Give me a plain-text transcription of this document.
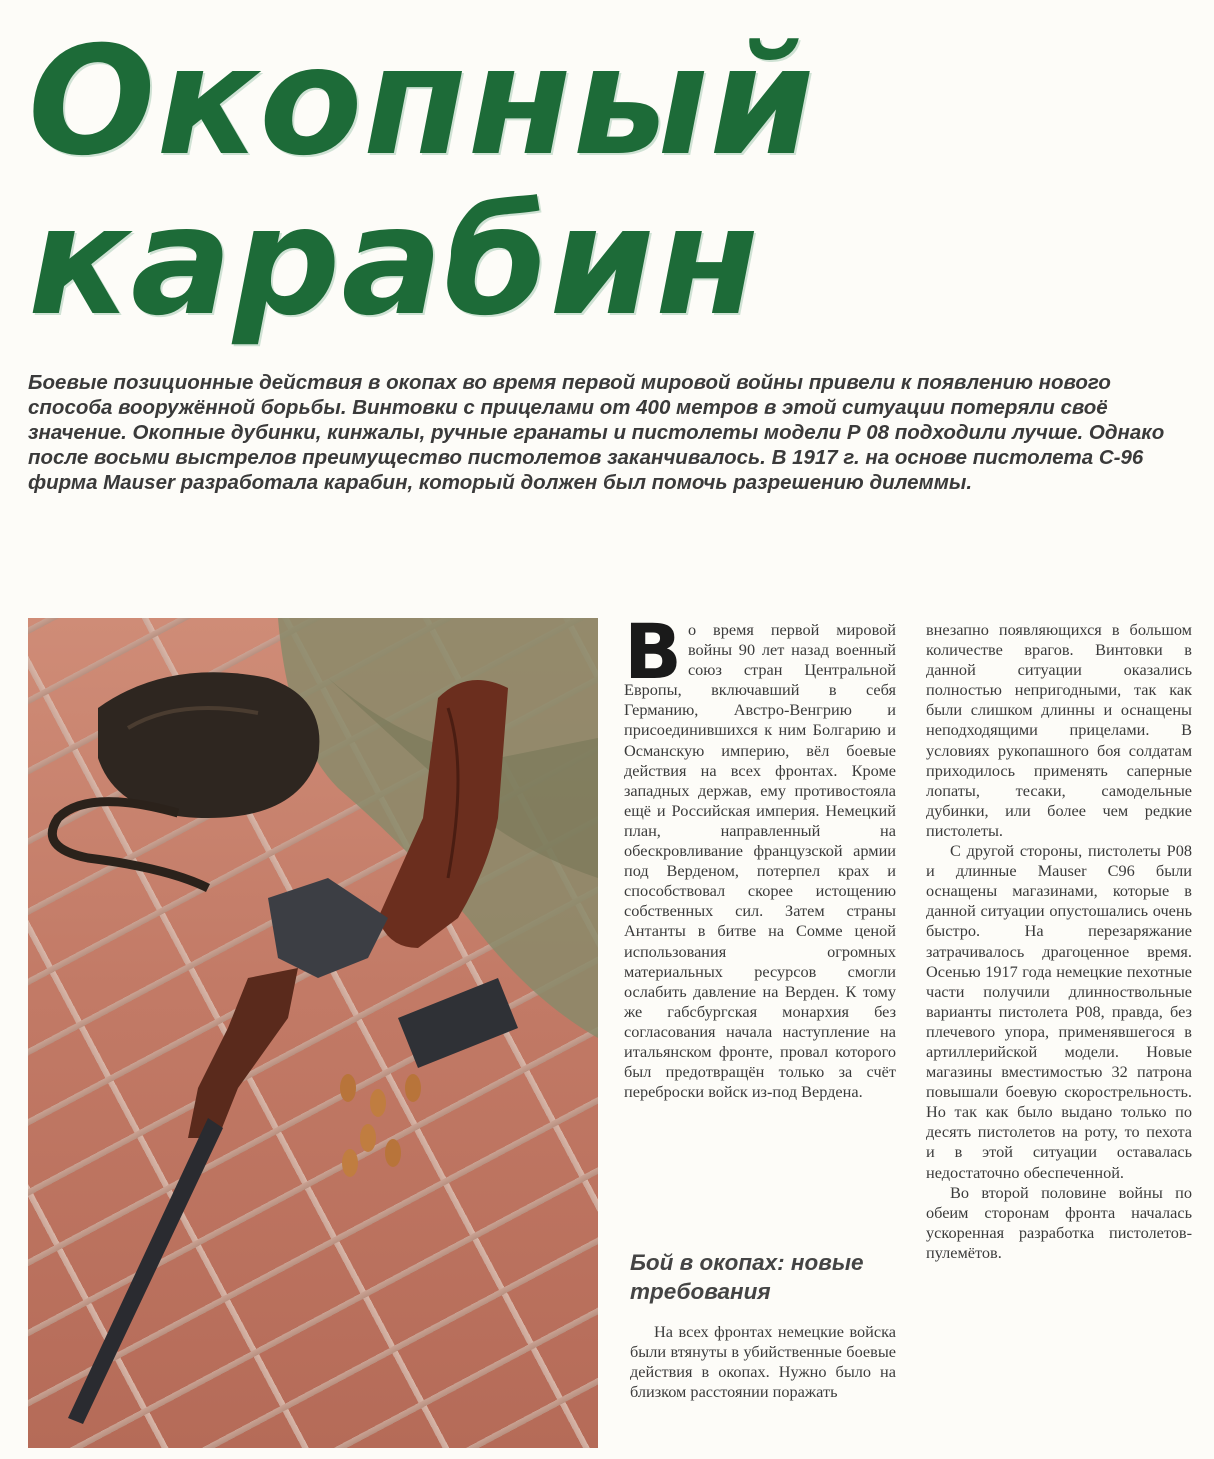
Окопный
карабин

Боевые позиционные действия в окопах во время первой мировой войны привели к появлению нового способа вооружённой борьбы. Винтовки с прицелами от 400 метров в этой ситуации потеряли своё значение. Окопные дубинки, кинжалы, ручные гранаты и пистолеты модели Р 08 подходили лучше. Однако после восьми выстрелов преимущество пистолетов заканчивалось. В 1917 г. на основе пистолета С-96 фирма Mauser разработала карабин, который должен был помочь разрешению дилеммы.

Во время первой мировой войны 90 лет назад военный союз стран Центральной Европы, включавший в себя Германию, Австро-Венгрию и присоединившихся к ним Болгарию и Османскую империю, вёл боевые действия на всех фронтах. Кроме западных держав, ему противостояла ещё и Российская империя. Немецкий план, направленный на обескровливание французской армии под Верденом, потерпел крах и способствовал скорее истощению собственных сил. Затем страны Антанты в битве на Сомме ценой использования огромных материальных ресурсов смогли ослабить давление на Верден. К тому же габсбургская монархия без согласования начала наступление на итальянском фронте, провал которого был предотвращён только за счёт переброски войск из-под Вердена.

Бой в окопах: новые требования

На всех фронтах немецкие войска были втянуты в убийственные боевые действия в окопах. Нужно было на близком расстоянии поражать

внезапно появляющихся в большом количестве врагов. Винтовки в данной ситуации оказались полностью непригодными, так как были слишком длинны и оснащены неподходящими прицелами. В условиях рукопашного боя солдатам приходилось применять саперные лопаты, тесаки, самодельные дубинки, или более чем редкие пистолеты.

С другой стороны, пистолеты Р08 и длинные Mauser C96 были оснащены магазинами, которые в данной ситуации опустошались очень быстро. На перезаряжание затрачивалось драгоценное время. Осенью 1917 года немецкие пехотные части получили длинноствольные варианты пистолета Р08, правда, без плечевого упора, применявшегося в артиллерийской модели. Новые магазины вместимостью 32 патрона повышали боевую скорострельность. Но так как было выдано только по десять пистолетов на роту, то пехота и в этой ситуации оставалась недостаточно обеспеченной.

Во второй половине войны по обеим сторонам фронта началась ускоренная разработка пистолетов-пулемётов.
